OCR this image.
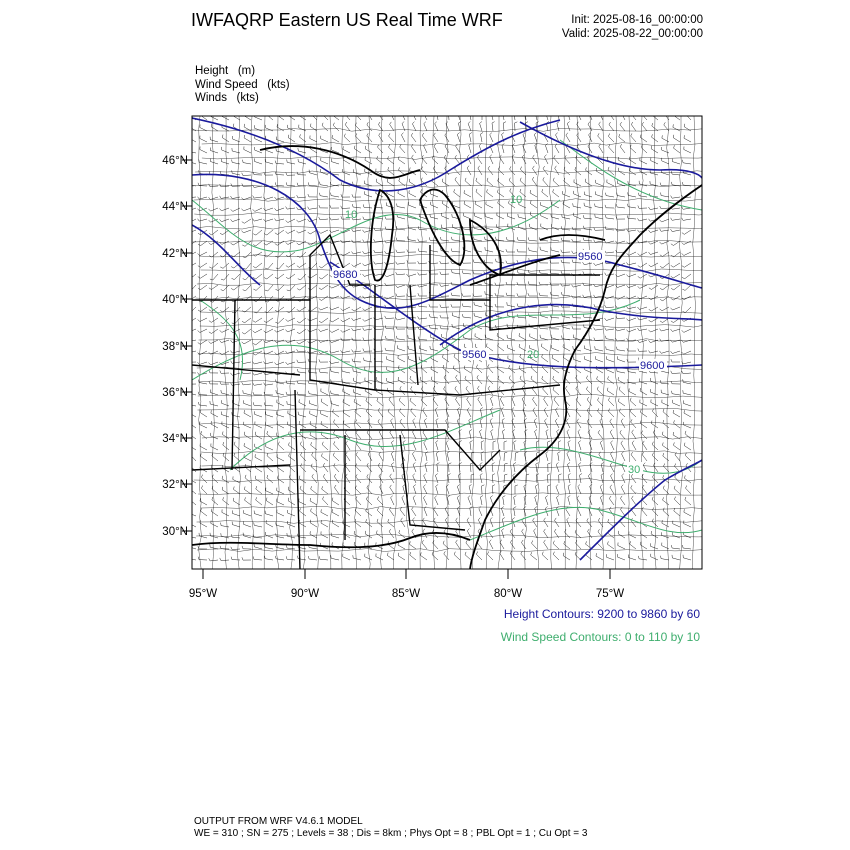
IWFAQRP Eastern US Real Time WRF	Init: 2025-08-16_00:00:00
Valid: 2025-08-22_00:00:00
Height   (m)
Wind Speed   (kts)
Winds   (kts)
46°N
44°N
42°N
40°N
38°N
36°N
34°N
32°N
30°N
95°W	90°W	85°W	80°W	75°W
9560
9680
9560
9600
10
10
30
20
Height Contours: 9200 to 9860 by 60
Wind Speed Contours: 0 to 110 by 10
OUTPUT FROM WRF V4.6.1 MODEL
WE = 310 ; SN = 275 ; Levels = 38 ; Dis = 8km ; Phys Opt = 8 ; PBL Opt = 1 ; Cu Opt = 3
